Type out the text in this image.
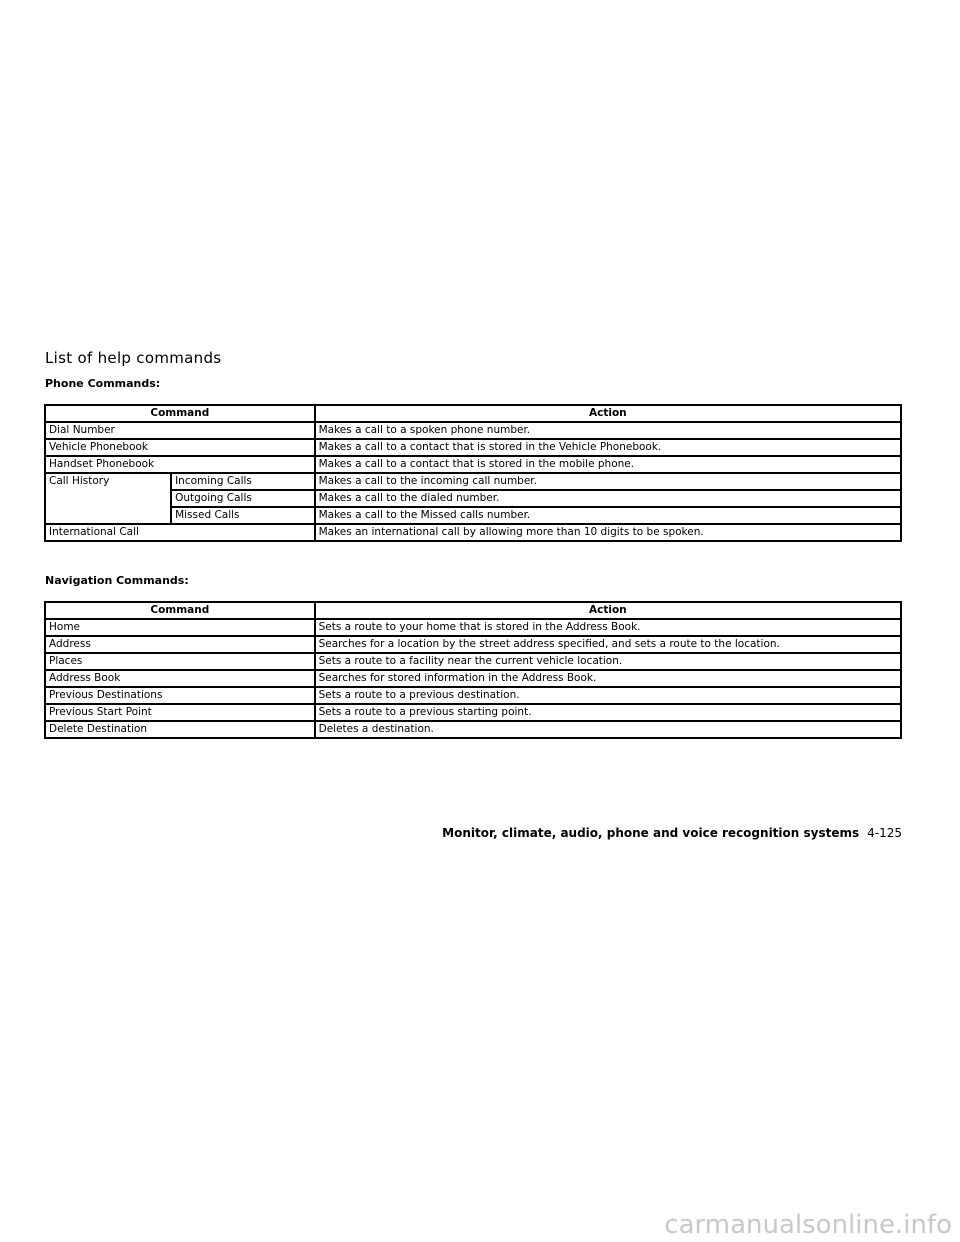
List of help commands
Phone Commands:
Command		Action
Dial Number		Makes a call to a spoken phone number.
Vehicle Phonebook		Makes a call to a contact that is stored in the Vehicle Phonebook.
Handset Phonebook		Makes a call to a contact that is stored in the mobile phone.
Call History	Incoming Calls	Makes a call to the incoming call number.
	Outgoing Calls	Makes a call to the dialed number.
	Missed Calls	Makes a call to the Missed calls number.
International Call		Makes an international call by allowing more than 10 digits to be spoken.
Navigation Commands:
Command	Action
Home	Sets a route to your home that is stored in the Address Book.
Address	Searches for a location by the street address specified, and sets a route to the location.
Places	Sets a route to a facility near the current vehicle location.
Address Book	Searches for stored information in the Address Book.
Previous Destinations	Sets a route to a previous destination.
Previous Start Point	Sets a route to a previous starting point.
Delete Destination	Deletes a destination.
Monitor, climate, audio, phone and voice recognition systems 4-125
carmanualsonline.info
